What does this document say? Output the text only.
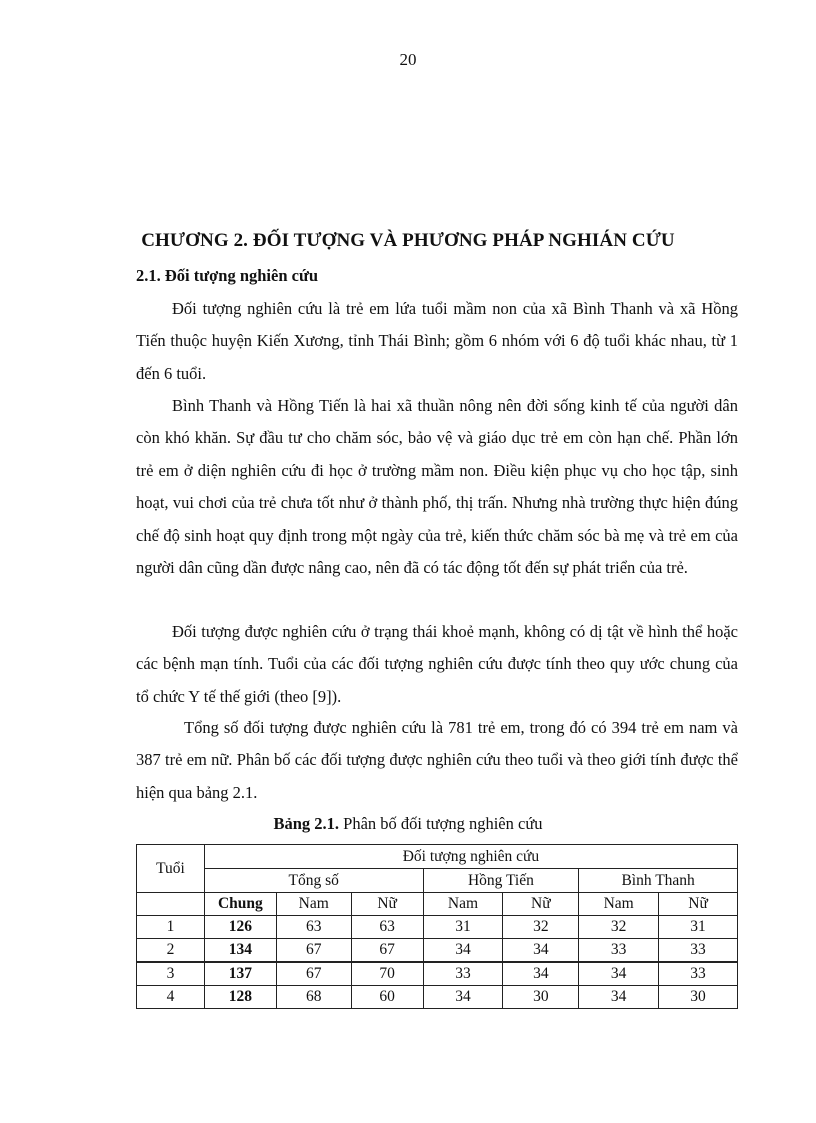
20
CHƯƠNG 2. ĐỐI TƯỢNG VÀ PHƯƠNG PHÁP NGHIÁN CỨU
2.1. Đối tượng nghiên cứu

Đối tượng nghiên cứu là trẻ em lứa tuổi mầm non của xã Bình Thanh và xã Hồng Tiến thuộc huyện Kiến Xương, tỉnh Thái Bình; gồm 6 nhóm với 6 độ tuổi khác nhau, từ 1 đến 6 tuổi.

Bình Thanh và Hồng Tiến là hai xã thuần nông nên đời sống kinh tế của người dân còn khó khăn. Sự đầu tư cho chăm sóc, bảo vệ và giáo dục trẻ em còn hạn chế. Phần lớn trẻ em ở diện nghiên cứu đi học ở trường mầm non. Điều kiện phục vụ cho học tập, sinh hoạt, vui chơi của trẻ chưa tốt như ở thành phố, thị trấn. Nhưng nhà trường thực hiện đúng chế độ sinh hoạt quy định trong một ngày của trẻ, kiến thức chăm sóc bà mẹ và trẻ em của người dân cũng dần được nâng cao, nên đã có tác động tốt đến sự phát triển của trẻ.

Đối tượng được nghiên cứu ở trạng thái khoẻ mạnh, không có dị tật về hình thể hoặc các bệnh mạn tính. Tuổi của các đối tượng nghiên cứu được tính theo quy ước chung của tổ chức Y tế thế giới (theo [9]).

Tổng số đối tượng được nghiên cứu là 781 trẻ em, trong đó có 394 trẻ em nam và 387 trẻ em nữ. Phân bố các đối tượng được nghiên cứu theo tuổi và theo giới tính được thể hiện qua bảng 2.1.

Bảng 2.1. Phân bố đối tượng nghiên cứu
Tuổi	Đối tượng nghiên cứu						
	Tổng số			Hồng Tiến		Bình Thanh	
	Chung	Nam	Nữ	Nam	Nữ	Nam	Nữ
1	126	63	63	31	32	32	31
2	134	67	67	34	34	33	33
3	137	67	70	33	34	34	33
4	128	68	60	34	30	34	30
